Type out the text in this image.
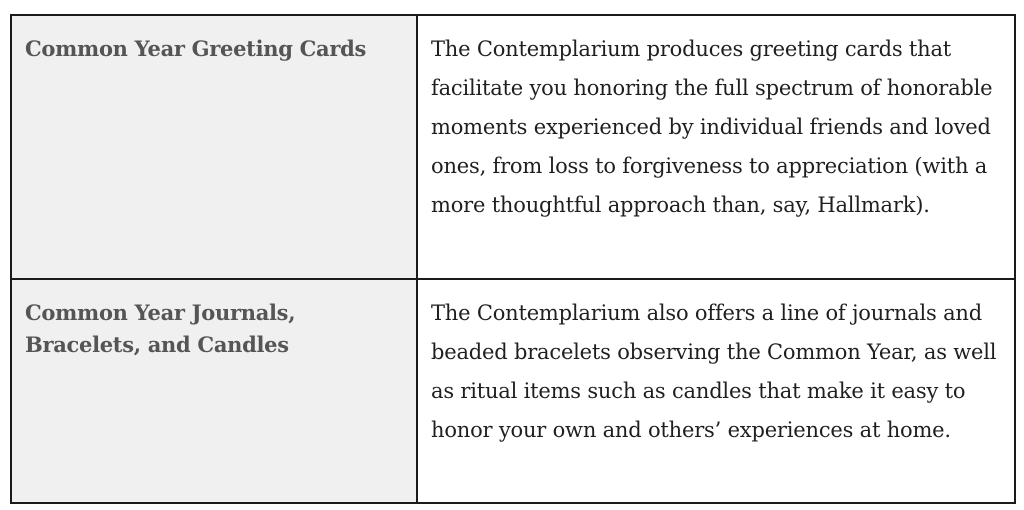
Common Year Greeting Cards	The Contemplarium produces greeting cards that facilitate you honoring the full spectrum of honorable moments experienced by individual friends and loved ones, from loss to forgiveness to appreciation (with a more thoughtful approach than, say, Hallmark).

Common Year Journals, Bracelets, and Candles	The Contemplarium also offers a line of journals and beaded bracelets observing the Common Year, as well as ritual items such as candles that make it easy to honor your own and others’ experiences at home.
